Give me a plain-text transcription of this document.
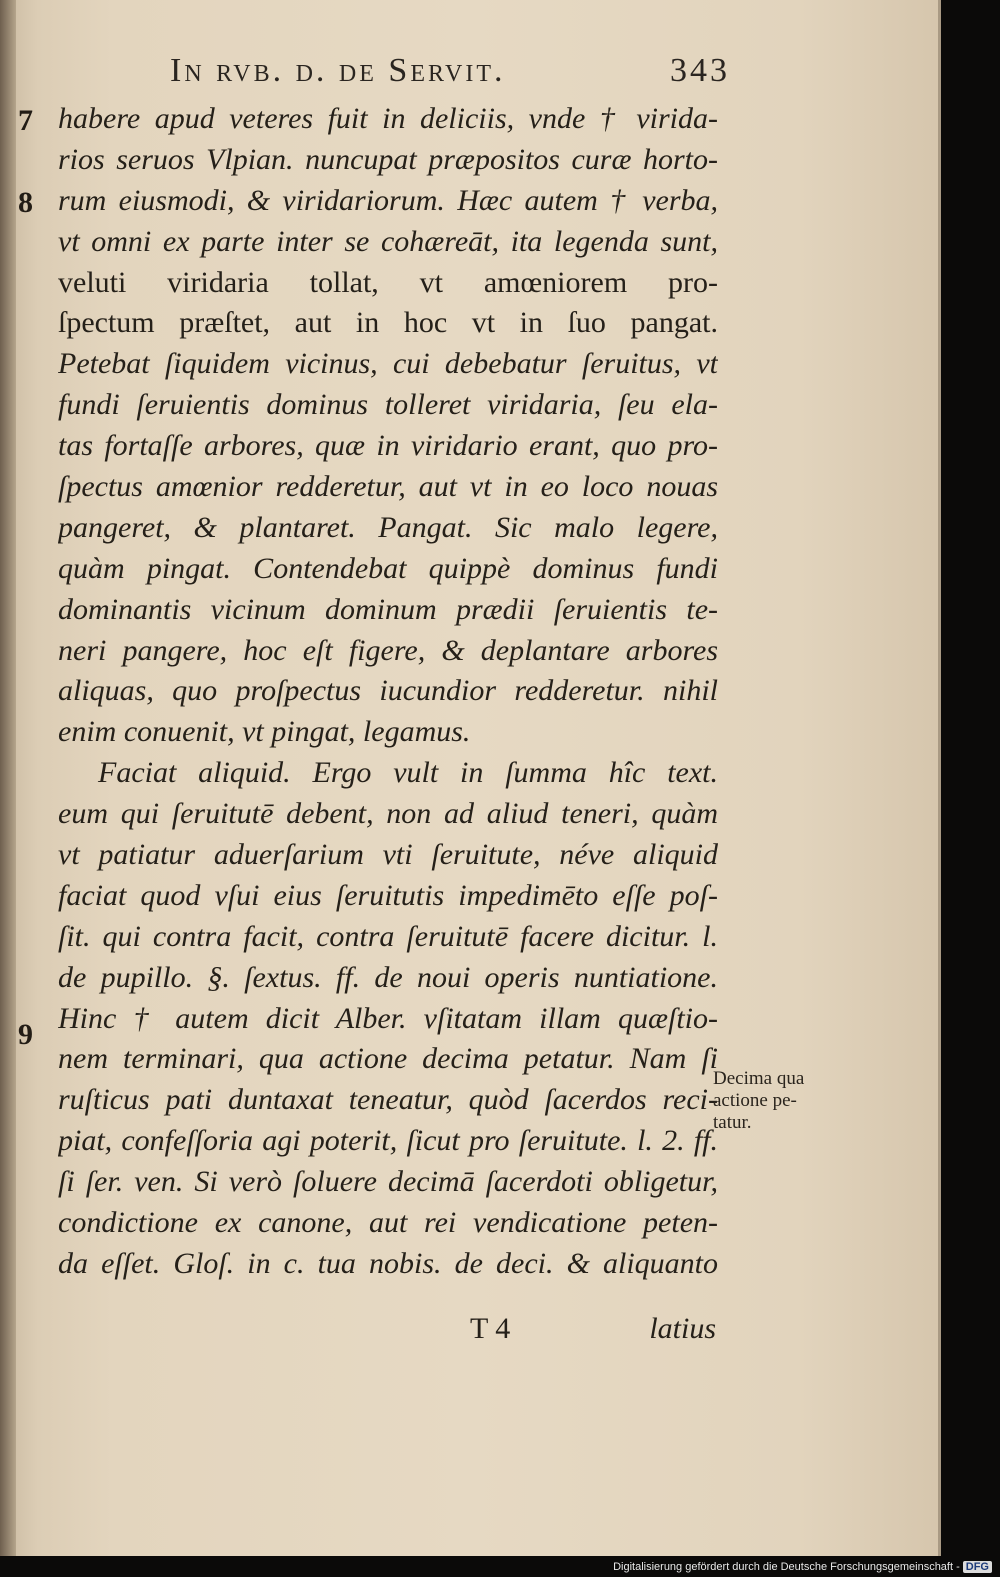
In rvb. d. de Servit.	343
7
8
9
habere apud veteres fuit in deliciis, vnde † virida-
rios seruos Vlpian. nuncupat præpositos curæ horto-
rum eiusmodi, & viridariorum. Hæc autem † verba,
vt omni ex parte inter se cohæreāt, ita legenda sunt,
veluti viridaria tollat, vt amœniorem pro-
ſpectum præſtet, aut in hoc vt in ſuo pangat.
Petebat ſiquidem vicinus, cui debebatur ſeruitus, vt
fundi ſeruientis dominus tolleret viridaria, ſeu ela-
tas fortaſſe arbores, quæ in viridario erant, quo pro-
ſpectus amœnior redderetur, aut vt in eo loco nouas
pangeret, & plantaret. Pangat. Sic malo legere,
quàm pingat. Contendebat quippè dominus fundi
dominantis vicinum dominum prædii ſeruientis te-
neri pangere, hoc eſt figere, & deplantare arbores
aliquas, quo proſpectus iucundior redderetur. nihil
enim conuenit, vt pingat, legamus.
Faciat aliquid. Ergo vult in ſumma hîc text.
eum qui ſeruitutē debent, non ad aliud teneri, quàm
vt patiatur aduerſarium vti ſeruitute, néve aliquid
faciat quod vſui eius ſeruitutis impedimēto eſſe poſ-
ſit. qui contra facit, contra ſeruitutē facere dicitur. l.
de pupillo. §. ſextus. ff. de noui operis nuntiatione.
Hinc † autem dicit Alber. vſitatam illam quæſtio-
nem terminari, qua actione decima petatur. Nam ſi
ruſticus pati duntaxat teneatur, quòd ſacerdos reci-
piat, confeſſoria agi poterit, ſicut pro ſeruitute. l. 2. ff.
ſi ſer. ven. Si verò ſoluere decimā ſacerdoti obligetur,
condictione ex canone, aut rei vendicatione peten-
da eſſet. Gloſ. in c. tua nobis. de deci. & aliquanto
Decima qua
actione pe-
tatur.
T 4	latius
Digitalisierung gefördert durch die Deutsche Forschungsgemeinschaft - DFG
